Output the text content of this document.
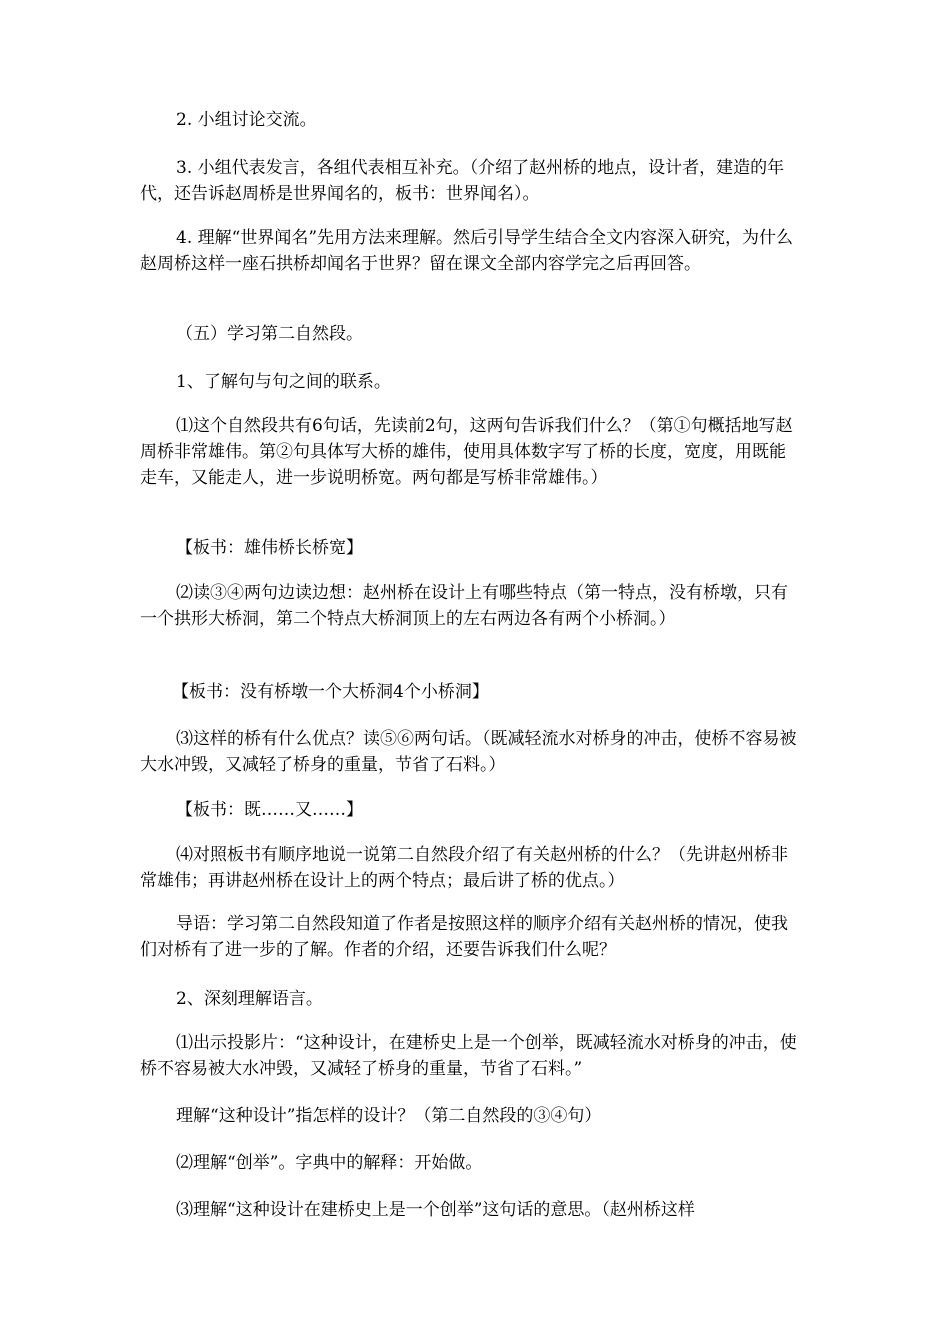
2. 小组讨论交流。

3. 小组代表发言，各组代表相互补充。（介绍了赵州桥的地点，设计者，建造的年代，还告诉赵周桥是世界闻名的，板书：世界闻名）。

4. 理解“世界闻名”先用方法来理解。然后引导学生结合全文内容深入研究，为什么赵周桥这样一座石拱桥却闻名于世界？留在课文全部内容学完之后再回答。

（五）学习第二自然段。

1、了解句与句之间的联系。

⑴这个自然段共有6句话，先读前2句，这两句告诉我们什么？（第①句概括地写赵周桥非常雄伟。第②句具体写大桥的雄伟，使用具体数字写了桥的长度，宽度，用既能走车，又能走人，进一步说明桥宽。两句都是写桥非常雄伟。）

【板书：雄伟桥长桥宽】

⑵读③④两句边读边想：赵州桥在设计上有哪些特点（第一特点，没有桥墩，只有一个拱形大桥洞，第二个特点大桥洞顶上的左右两边各有两个小桥洞。）

【板书：没有桥墩一个大桥洞4个小桥洞】

⑶这样的桥有什么优点？读⑤⑥两句话。（既减轻流水对桥身的冲击，使桥不容易被大水冲毁，又减轻了桥身的重量，节省了石料。）

【板书：既……又……】

⑷对照板书有顺序地说一说第二自然段介绍了有关赵州桥的什么？（先讲赵州桥非常雄伟；再讲赵州桥在设计上的两个特点；最后讲了桥的优点。）

导语：学习第二自然段知道了作者是按照这样的顺序介绍有关赵州桥的情况，使我们对桥有了进一步的了解。作者的介绍，还要告诉我们什么呢？

2、深刻理解语言。

⑴出示投影片：“这种设计，在建桥史上是一个创举，既减轻流水对桥身的冲击，使桥不容易被大水冲毁，又减轻了桥身的重量，节省了石料。”

理解“这种设计”指怎样的设计？（第二自然段的③④句）

⑵理解“创举”。字典中的解释：开始做。

⑶理解“这种设计在建桥史上是一个创举”这句话的意思。（赵州桥这样
